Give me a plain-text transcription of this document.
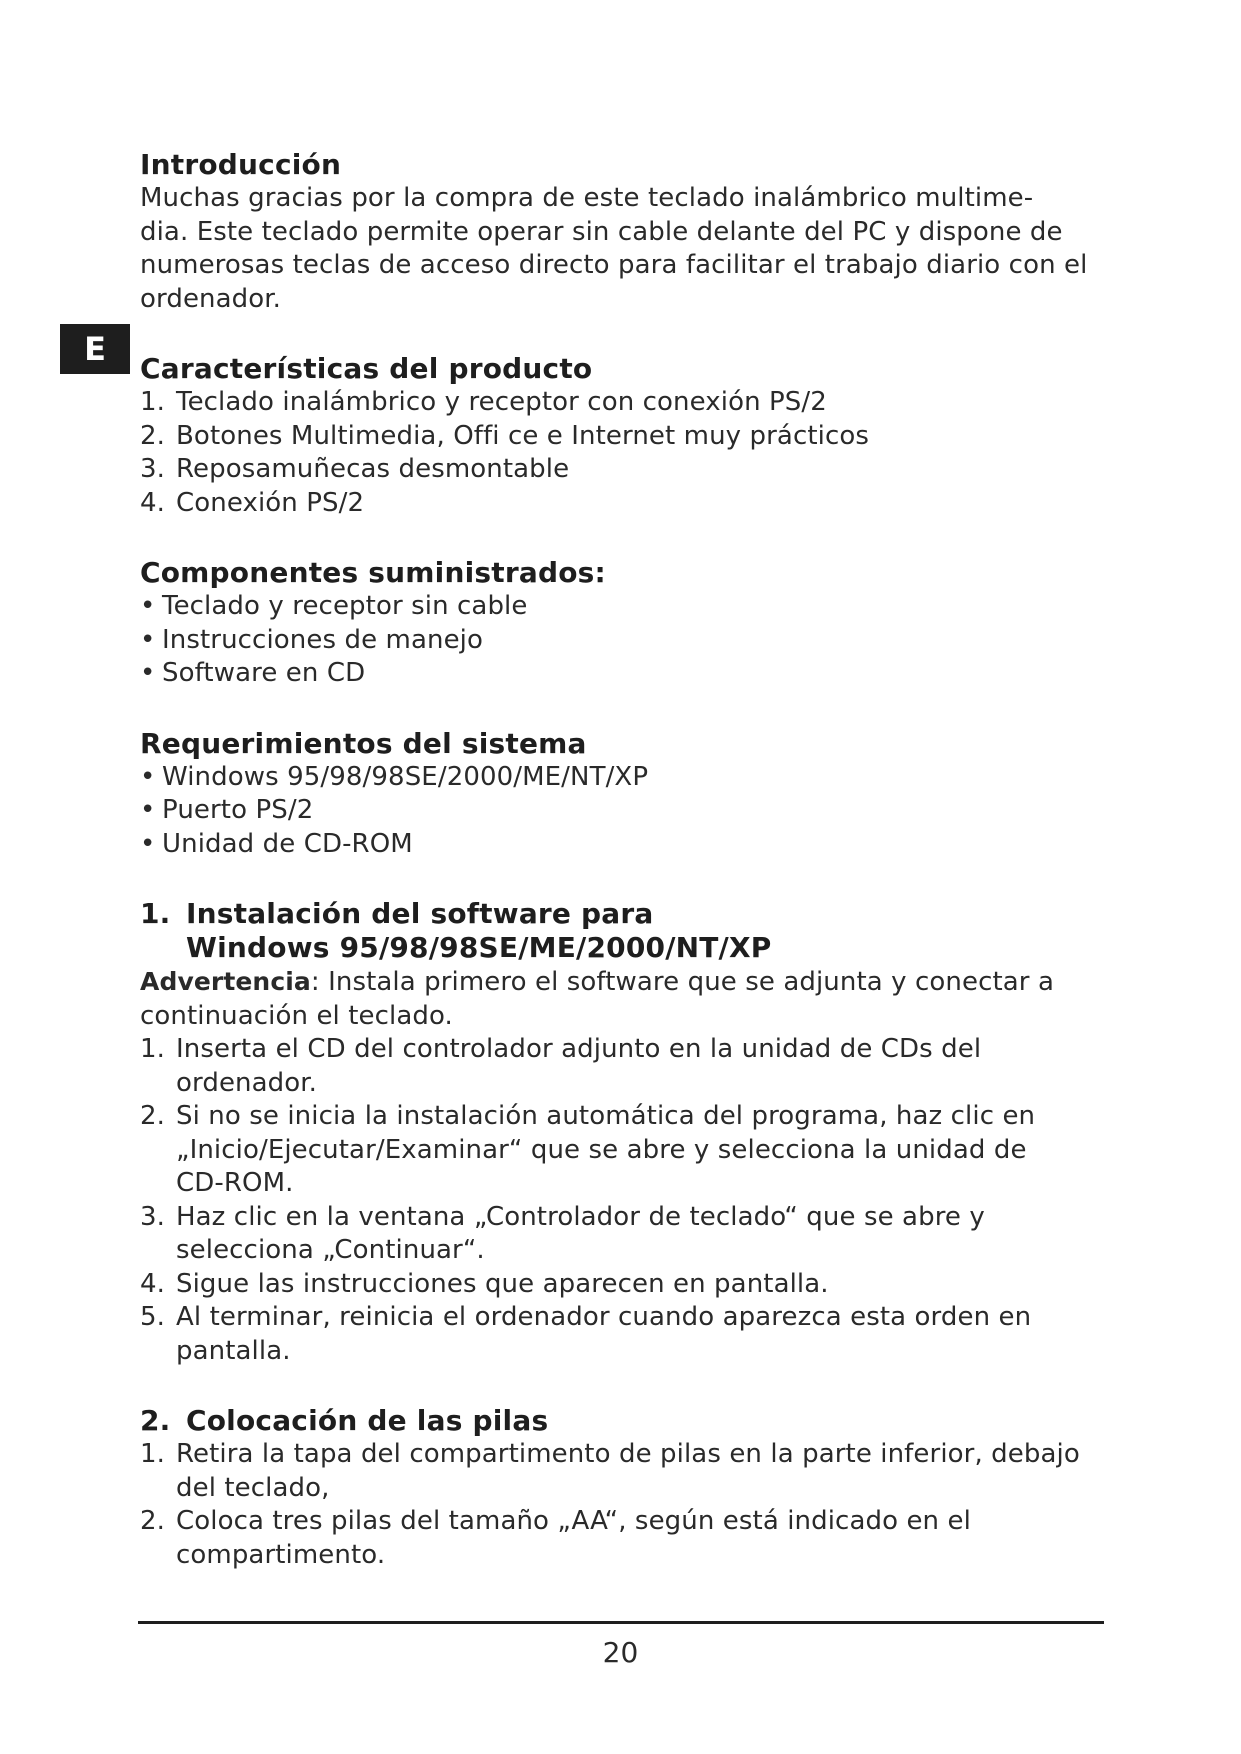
E
Introducción

Muchas gracias por la compra de este teclado inalámbrico multime-

dia. Este teclado permite operar sin cable delante del PC y dispone de

numerosas teclas de acceso directo para facilitar el trabajo diario con el

ordenador.

Características del producto
1. Teclado inalámbrico y receptor con conexión PS/2
2. Botones Multimedia, Offi ce e Internet muy prácticos
3. Reposamuñecas desmontable
4. Conexión PS/2
Componentes suministrados:
• Teclado y receptor sin cable
• Instrucciones de manejo
• Software en CD
Requerimientos del sistema
• Windows 95/98/98SE/2000/ME/NT/XP
• Puerto PS/2
• Unidad de CD-ROM
1. Instalación del software para
Windows 95/98/98SE/ME/2000/NT/XP

Advertencia: Instala primero el software que se adjunta y conectar a

continuación el teclado.

1. Inserta el CD del controlador adjunto en la unidad de CDs del
ordenador.
2. Si no se inicia la instalación automática del programa, haz clic en
„Inicio/Ejecutar/Examinar“ que se abre y selecciona la unidad de
CD-ROM.
3. Haz clic en la ventana „Controlador de teclado“ que se abre y
selecciona „Continuar“.
4. Sigue las instrucciones que aparecen en pantalla.
5. Al terminar, reinicia el ordenador cuando aparezca esta orden en
pantalla.
2. Colocación de las pilas
1. Retira la tapa del compartimento de pilas en la parte inferior, debajo
del teclado,
2. Coloca tres pilas del tamaño „AA“, según está indicado en el
compartimento.
20
